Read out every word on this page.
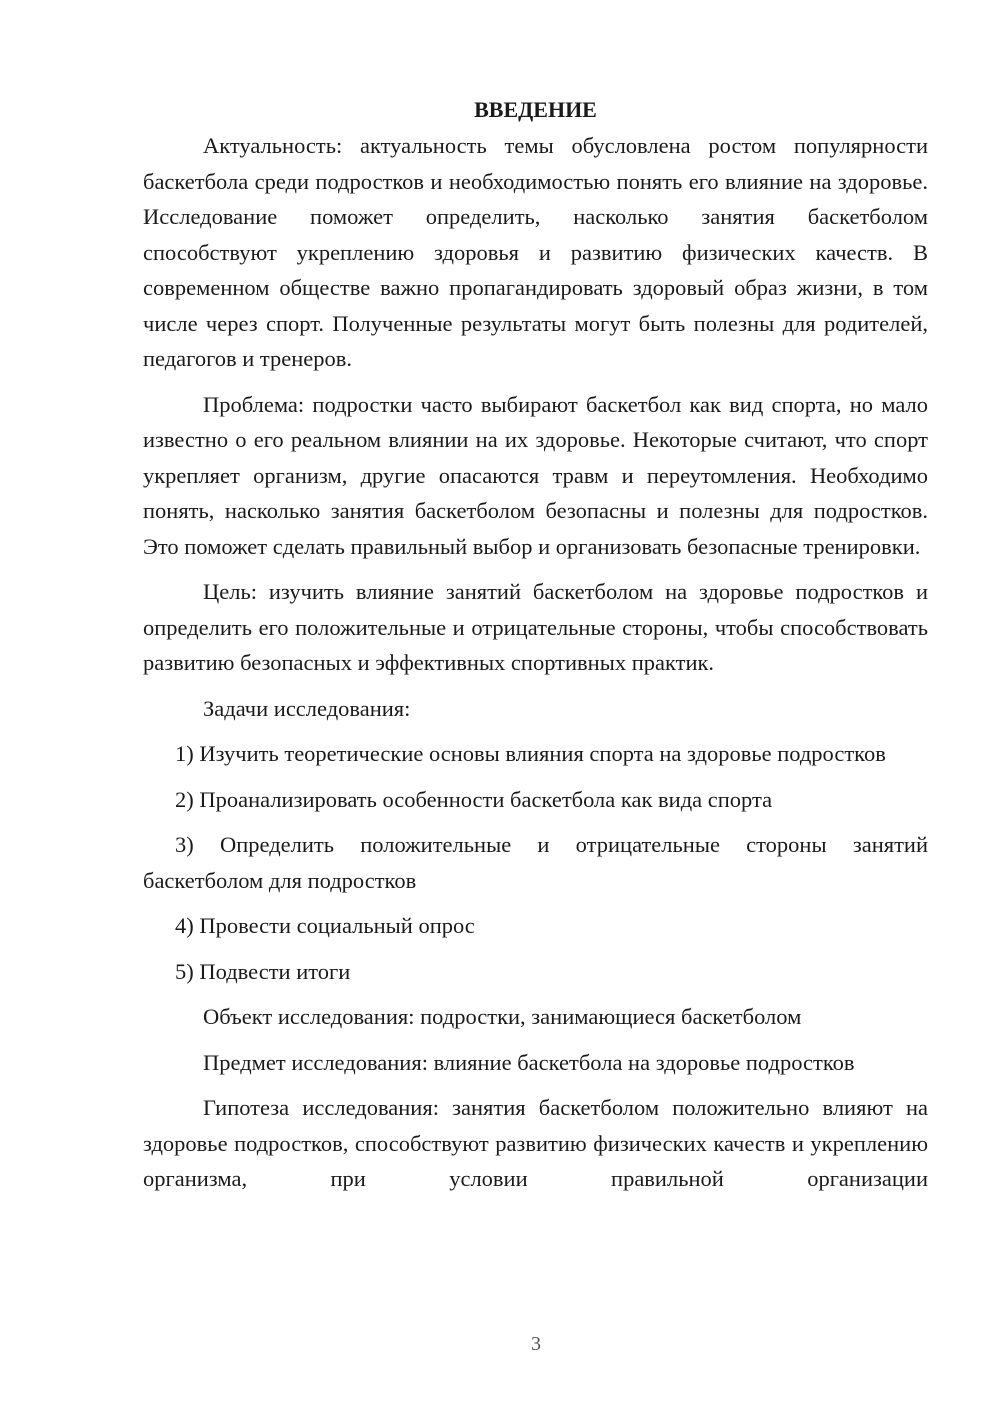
ВВЕДЕНИЕ

Актуальность: актуальность темы обусловлена ростом популярности баскетбола среди подростков и необходимостью понять его влияние на здоровье. Исследование поможет определить, насколько занятия баскетболом способствуют укреплению здоровья и развитию физических качеств. В современном обществе важно пропагандировать здоровый образ жизни, в том числе через спорт. Полученные результаты могут быть полезны для родителей, педагогов и тренеров.

Проблема: подростки часто выбирают баскетбол как вид спорта, но мало известно о его реальном влиянии на их здоровье. Некоторые считают, что спорт укрепляет организм, другие опасаются травм и переутомления. Необходимо понять, насколько занятия баскетболом безопасны и полезны для подростков. Это поможет сделать правильный выбор и организовать безопасные тренировки.

Цель: изучить влияние занятий баскетболом на здоровье подростков и определить его положительные и отрицательные стороны, чтобы способствовать развитию безопасных и эффективных спортивных практик.

Задачи исследования:

1) Изучить теоретические основы влияния спорта на здоровье подростков

2) Проанализировать особенности баскетбола как вида спорта

3) Определить положительные и отрицательные стороны занятий баскетболом для подростков

4) Провести социальный опрос

5) Подвести итоги

Объект исследования: подростки, занимающиеся баскетболом

Предмет исследования: влияние баскетбола на здоровье подростков

Гипотеза исследования: занятия баскетболом положительно влияют на здоровье подростков, способствуют развитию физических качеств и укреплению организма, при условии правильной организации

3
